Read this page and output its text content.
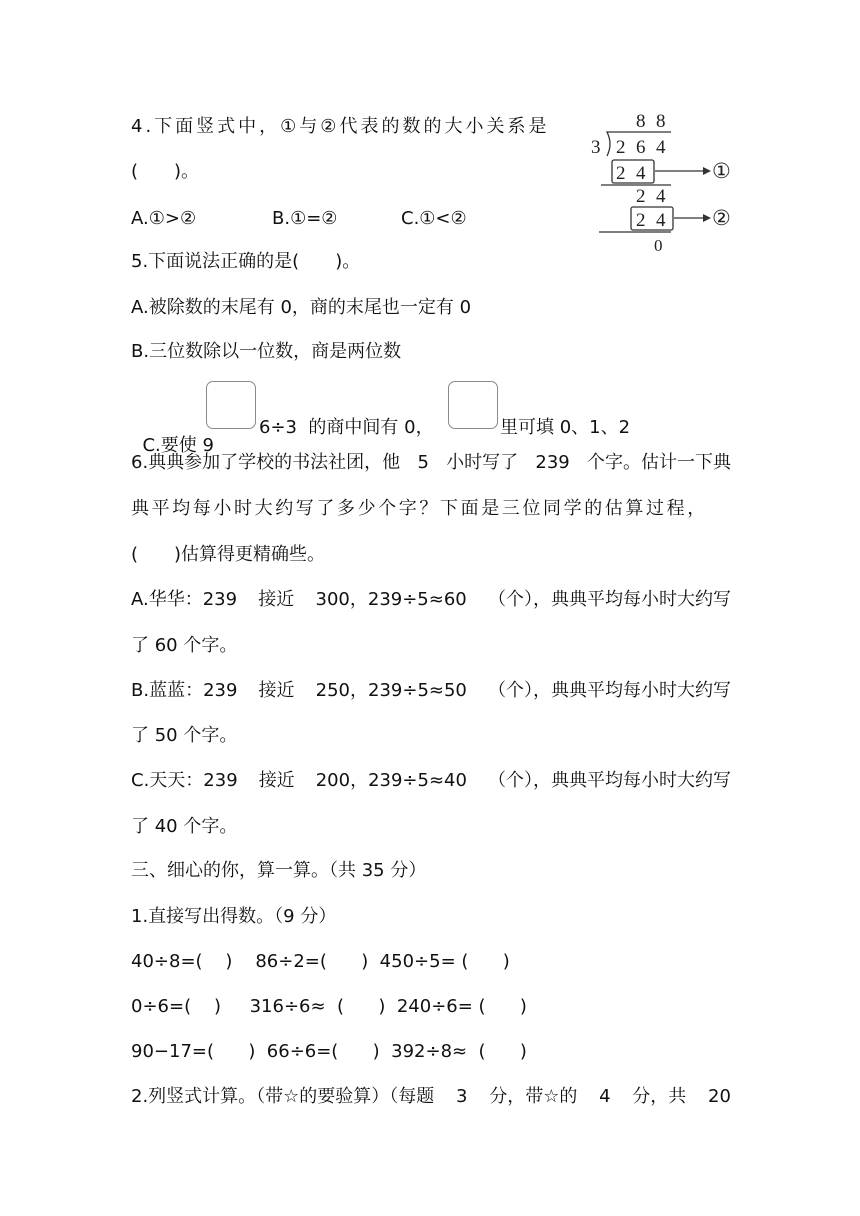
4.下面竖式中，①与②代表的数的大小关系是
(　　)。
A.①>②	B.①=②	C.①<②
8 8
3 2 6 4
2 4
2 4
2 4
0
①
②
5.下面说法正确的是(　　)。
A.被除数的末尾有 0，商的末尾也一定有 0
B.三位数除以一位数，商是两位数

C.要使 9

6÷3  的商中间有 0，	里可填 0、1、2
6.典典参加了学校的书法社团，他 5 小时写了 239 个字。估计一下典
典平均每小时大约写了多少个字？下面是三位同学的估算过程，
(　　)估算得更精确些。
A.华华：239 接近 300，239÷5≈60 （个），典典平均每小时大约写
了 60 个字。
B.蓝蓝：239 接近 250，239÷5≈50 （个），典典平均每小时大约写
了 50 个字。
C.天天：239 接近 200，239÷5≈40 （个），典典平均每小时大约写
了 40 个字。
三、细心的你，算一算。（共 35 分）
1.直接写出得数。（9 分）
40÷8=(    )    86÷2=(      )  450÷5= (      )
0÷6=(    )     316÷6≈  (      )  240÷6= (      )
90−17=(      )  66÷6=(      )  392÷8≈  (      )
2.列竖式计算。（带☆的要验算）（每题 3 分，带☆的 4 分，共 20
